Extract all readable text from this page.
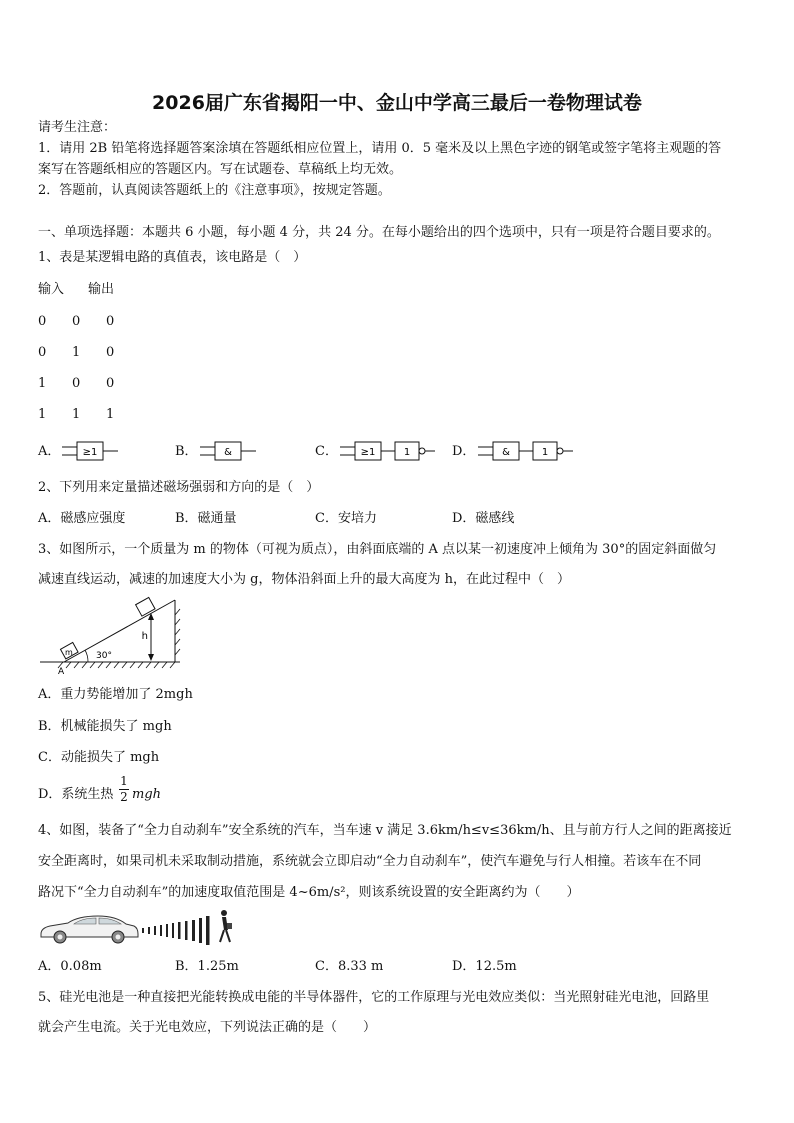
2026届广东省揭阳一中、金山中学高三最后一卷物理试卷
请考生注意：
1．请用 2B 铅笔将选择题答案涂填在答题纸相应位置上，请用 0．5 毫米及以上黑色字迹的钢笔或签字笔将主观题的答
案写在答题纸相应的答题区内。写在试题卷、草稿纸上均无效。
2．答题前，认真阅读答题纸上的《注意事项》，按规定答题。
一、单项选择题：本题共 6 小题，每小题 4 分，共 24 分。在每小题给出的四个选项中，只有一项是符合题目要求的。
1、表是某逻辑电路的真值表，该电路是（　）
输入 输出
0 0 0
0 1 0
1 0 0
1 1 1
A． ≥1	B．	&	C． ≥1	1	D．	&	1
2、下列用来定量描述磁场强弱和方向的是（　）
A．磁感应强度	B．磁通量	C．安培力	D．磁感线
3、如图所示，一个质量为 m 的物体（可视为质点），由斜面底端的 A 点以某一初速度冲上倾角为 30°的固定斜面做匀
减速直线运动，减速的加速度大小为 g，物体沿斜面上升的最大高度为 h，在此过程中（　）
h
30°
m
A
A．重力势能增加了 2mgh
B．机械能损失了 mgh
C．动能损失了 mgh
D．系统生热 $\frac{1}{2}$ mgh
4、如图，装备了“全力自动刹车”安全系统的汽车，当车速 v 满足 3.6km/h≤v≤36km/h、且与前方行人之间的距离接近
安全距离时，如果司机未采取制动措施，系统就会立即启动“全力自动刹车”，使汽车避免与行人相撞。若该车在不同
路况下“全力自动刹车”的加速度取值范围是 4~6m/s²，则该系统设置的安全距离约为（　　）
A．0.08m	B．1.25m	C．8.33 m	D．12.5m
5、硅光电池是一种直接把光能转换成电能的半导体器件，它的工作原理与光电效应类似：当光照射硅光电池，回路里
就会产生电流。关于光电效应，下列说法正确的是（　　）
